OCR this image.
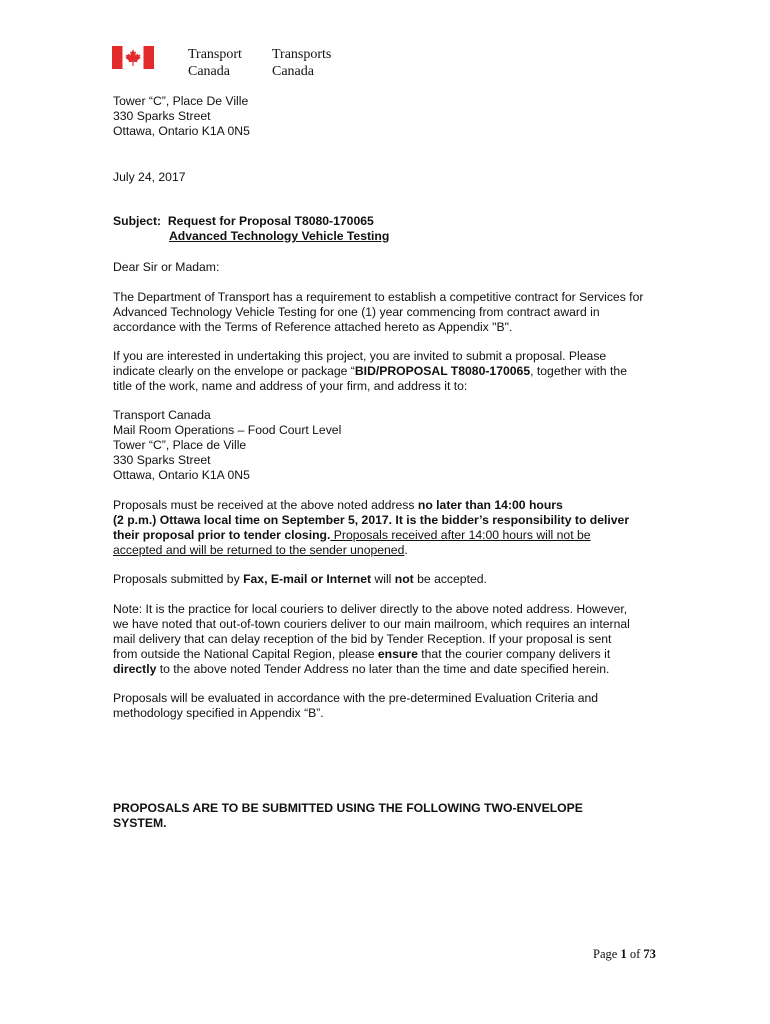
Transport
Canada
Transports
Canada
Tower “C”, Place De Ville
330 Sparks Street
Ottawa, Ontario K1A 0N5
July 24, 2017
Subject: Request for Proposal T8080-170065
Advanced Technology Vehicle Testing
Dear Sir or Madam:
The Department of Transport has a requirement to establish a competitive contract for Services for
Advanced Technology Vehicle Testing for one (1) year commencing from contract award in
accordance with the Terms of Reference attached hereto as Appendix "B".
If you are interested in undertaking this project, you are invited to submit a proposal. Please
indicate clearly on the envelope or package “BID/PROPOSAL T8080-170065, together with the
title of the work, name and address of your firm, and address it to:
Transport Canada
Mail Room Operations – Food Court Level
Tower “C”, Place de Ville
330 Sparks Street
Ottawa, Ontario K1A 0N5
Proposals must be received at the above noted address no later than 14:00 hours
(2 p.m.) Ottawa local time on September 5, 2017. It is the bidder’s responsibility to deliver
their proposal prior to tender closing. Proposals received after 14:00 hours will not be
accepted and will be returned to the sender unopened.
Proposals submitted by Fax, E-mail or Internet will not be accepted.
Note: It is the practice for local couriers to deliver directly to the above noted address. However,
we have noted that out-of-town couriers deliver to our main mailroom, which requires an internal
mail delivery that can delay reception of the bid by Tender Reception. If your proposal is sent
from outside the National Capital Region, please ensure that the courier company delivers it
directly to the above noted Tender Address no later than the time and date specified herein.
Proposals will be evaluated in accordance with the pre-determined Evaluation Criteria and
methodology specified in Appendix “B”.
PROPOSALS ARE TO BE SUBMITTED USING THE FOLLOWING TWO-ENVELOPE
SYSTEM.
Page 1 of 73
